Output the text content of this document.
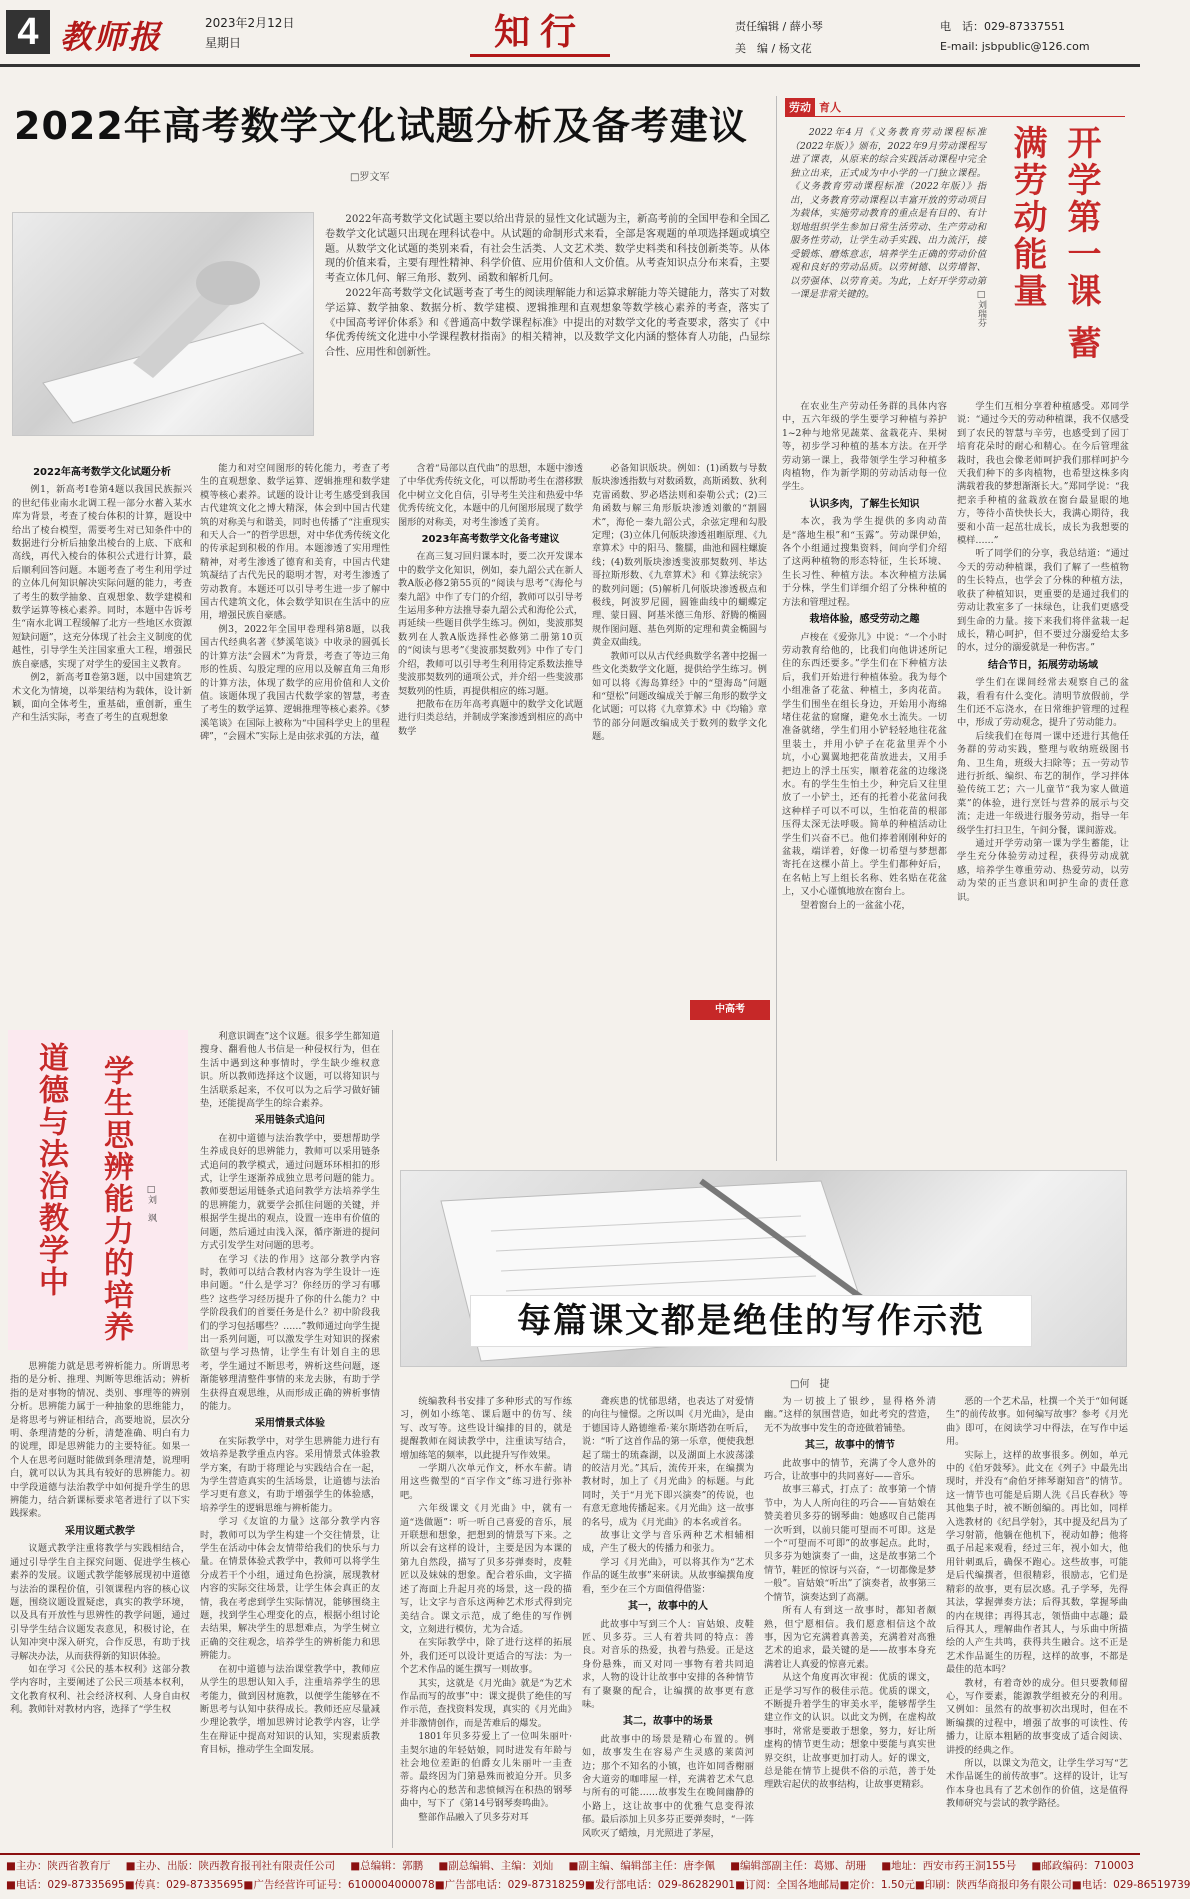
4 教师报	2023年2月12日
星期日	知行	责任编辑 / 薛小琴	电　话：029-87337551
美　编 / 杨文花	E-mail: jsbpublic@126.com
2022年高考数学文化试题分析及备考建议
□罗文军

2022年高考数学文化试题主要以给出背景的显性文化试题为主，新高考前的全国甲卷和全国乙卷数学文化试题只出现在理科试卷中。从试题的命制形式来看，全部是客观题的单项选择题或填空题。从数学文化试题的类别来看，有社会生活类、人文艺术类、数学史料类和科技创新类等。从体现的价值来看，主要有理性精神、科学价值、应用价值和人文价值。从考查知识点分布来看，主要考查立体几何、解三角形、数列、函数和解析几何。

2022年高考数学文化试题考查了考生的阅读理解能力和运算求解能力等关键能力，落实了对数学运算、数学抽象、数据分析、数学建模、逻辑推理和直观想象等数学核心素养的考查，落实了《中国高考评价体系》和《普通高中数学课程标准》中提出的对数学文化的考查要求，落实了《中华优秀传统文化进中小学课程教材指南》的相关精神，以及数学文化内涵的整体育人功能，凸显综合性、应用性和创新性。

2022年高考数学文化试题分析

例1，新高考Ⅰ卷第4题以我国民族振兴的世纪伟业南水北调工程一部分水蓄入某水库为背景，考查了棱台体积的计算，题设中给出了棱台模型，需要考生对已知条件中的数据进行分析后抽象出棱台的上底、下底和高线，再代入棱台的体积公式进行计算，最后顺利回答问题。本题考查了考生利用学过的立体几何知识解决实际问题的能力，考查了考生的数学抽象、直观想象、数学建模和数学运算等核心素养。同时，本题中告诉考生“南水北调工程缓解了北方一些地区水资源短缺问题”，这充分体现了社会主义制度的优越性，引导学生关注国家重大工程，增强民族自豪感，实现了对学生的爱国主义教育。

例2，新高考Ⅱ卷第3题，以中国建筑艺术文化为情境，以举架结构为载体，设计新颖，面向全体考生，重基础，重创新，重生产和生活实际，考查了考生的直观想象

能力和对空间图形的转化能力，考查了考生的直观想象、数学运算、逻辑推理和数学建模等核心素养。试题的设计让考生感受到我国古代建筑文化之博大精深，体会到中国古代建筑的对称美与和谐美，同时也传播了“注重现实和天人合一”的哲学思想，对中华优秀传统文化的传承起到积极的作用。本题渗透了实用理性精神，对考生渗透了德育和美育，中国古代建筑凝结了古代先民的聪明才智，对考生渗透了劳动教育。本题还可以引导考生进一步了解中国古代建筑文化，体会数学知识在生活中的应用，增强民族自豪感。

例3，2022年全国甲卷理科第8题，以我国古代经典名著《梦溪笔谈》中收录的圆弧长的计算方法“会圆术”为背景，考查了等边三角形的性质、勾股定理的应用以及解直角三角形的计算方法，体现了数学的应用价值和人文价值。该题体现了我国古代数学家的智慧，考查了考生的数学运算、逻辑推理等核心素养。《梦溪笔谈》在国际上被称为“中国科学史上的里程碑”，“会圆术”实际上是由弦求弧的方法，蕴

含着“局部以直代曲”的思想，本题中渗透了中华优秀传统文化，可以帮助考生在潜移默化中树立文化自信，引导考生关注和热爱中华优秀传统文化，本题中的几何图形展现了数学图形的对称美，对考生渗透了美育。

2023年高考数学文化备考建议

在高三复习回归课本时，要二次开发课本中的数学文化知识，例如，泰九韶公式在新人教A版必修2第55页的“阅读与思考”《海伦与秦九韶》中作了专门的介绍，教师可以引导考生运用多种方法推导泰九韶公式和海伦公式，再延续一些题目供学生练习。例如，斐波那契数列在人教A版选择性必修第二册第10页的“阅读与思考”《斐波那契数列》中作了专门介绍，教师可以引导考生利用待定系数法推导斐波那契数列的通项公式，并介绍一些斐波那契数列的性质，再提供相应的练习题。

把散布在历年高考真题中的数学文化试题进行归类总结，并制成学案渗透到相应的高中数学

必备知识版块。例如：(1)函数与导数版块渗透指数与对数函数，高斯函数、狄利克雷函数、罗必塔法则和泰勒公式；(2)三角函数与解三角形版块渗透刘徽的“割圆术”，海伦－秦九韶公式，余弦定理和勾股定理；(3)立体几何版块渗透祖暅原理、《九章算术》中的阳马、鳖臑，曲池和圆柱螺旋线；(4)数列版块渗透斐波那契数列、毕达哥拉斯形数、《九章算术》和《算法统宗》的数列问题；(5)解析几何版块渗透极点和极线，阿波罗尼圆，圆锥曲线中的蝴蝶定理、蒙日圆、阿基米德三角形、舒腾的椭圆规作图问题、基色列斯的定理和黄金椭圆与黄金双曲线。

教师可以从古代经典数学名著中挖掘一些文化类数学文化题，提供给学生练习。例如可以将《海岛算经》中的“望海岛”问题和“望松”问题改编成关于解三角形的数学文化试题；可以将《九章算术》中《均输》章节的部分问题改编成关于数列的数学文化题。

中高考
劳动 育人

2022年4月《义务教育劳动课程标准（2022年版）》颁布，2022年9月劳动课程写进了课表，从原来的综合实践活动课程中完全独立出来，正式成为中小学的一门独立课程。《义务教育劳动课程标准（2022年版）》指出，义务教育劳动课程以丰富开放的劳动项目为载体，实施劳动教育的重点是有目的、有计划地组织学生参加日常生活劳动、生产劳动和服务性劳动，让学生动手实践、出力流汗，接受锻炼、磨炼意志，培养学生正确的劳动价值观和良好的劳动品质。以劳树德、以劳增智、以劳强体、以劳育美。为此，上好开学劳动第一课是非常关键的。	开学第一课 蓄满劳动能量
□刘瑞芬

在农业生产劳动任务群的具体内容中，五六年级的学生要学习种植与养护1~2种与地常见蔬菜、盆栽花卉、果树等，初步学习种植的基本方法。在开学劳动第一课上，我带领学生学习种植多肉植物，作为新学期的劳动活动每一位学生。

认识多肉，了解生长知识

本次，我为学生提供的多肉动苗是“落地生根”和“玉露”。劳动课伊始，各个小组通过搜集资料，间向学们介绍了这两种植物的形态特征，生长环境、生长习性、种植方法。本次种植方法属于分株，学生们详细介绍了分株种植的方法和管理过程。

栽培体验，感受劳动之趣

卢梭在《爱弥儿》中说：“一个小时劳动教育给他的，比我们向他讲述所记住的东西还要多。”学生们在下种植方法后，我们开始进行种植体验。我为每个小组准备了花盆、种植土，多肉花苗。学生们围坐在组长身边，开始用小海绵堵住花盆的窟窿，避免水土流失。一切准备就绪，学生们用小铲轻轻地往花盆里装土，并用小铲子在花盆里弄个小坑，小心翼翼地把花苗放进去，又用手把边上的浮土压实，顺着花盆的边缘浇水。有的学生生怕土少，种完后又往里放了一小铲土，还有的托着小花盆问我这种样子可以不可以，生怕花苗的根部压得太深无法呼吸。简单的种植活动让学生们兴奋不已。他们捧着刚刚种好的盆栽，端详着，好像一切希望与梦想都寄托在这棵小苗上。学生们都种好后，在名帖上写上组长名称、姓名贴在花盆上，又小心谨慎地放在窗台上。

望着窗台上的一盆盆小花，

学生们互相分享着种植感受。邓同学说：“通过今天的劳动种植课，我不仅感受到了农民的智慧与辛劳，也感受到了园丁培育花朵时的耐心和精心。在今后管理盆栽时，我也会像老师呵护我们那样呵护今天我们种下的多肉植物，也希望这株多肉满载着我的梦想渐渐长大。”郑同学说：“我把亲手种植的盆栽放在窗台最显眼的地方，等待小苗快快长大，我满心期待，我要和小苗一起茁壮成长，成长为我想要的模样……”

听了同学们的分享，我总结道：“通过今天的劳动种植课，我们了解了一些植物的生长特点，也学会了分株的种植方法，收获了种植知识，更重要的是通过我们的劳动让教室多了一抹绿色，让我们更感受到生命的力量。接下来我们将伴盆栽一起成长，精心呵护，但不要过分溺爱给太多的水，过分的溺爱就是一种伤害。”

结合节日，拓展劳动场域

学生们在课间经常去观察自己的盆栽，看看有什么变化。清明节放假前，学生们还不忘浇水，在日常维护管理的过程中，形成了劳动观念，提升了劳动能力。

后续我们在每周一课中还进行其他任务群的劳动实践，整理与收纳班级图书角、卫生角，班级大扫除等；五一劳动节进行折纸、编织、布艺的制作，学习拌体验传统工艺；六一儿童节“我为家人做道菜”的体验，进行烹饪与营养的展示与交流；走进一年级进行服务劳动，指导一年级学生打扫卫生，午间分餐，课间游戏。

通过开学劳动第一课为学生蓄能，让学生充分体验劳动过程，获得劳动成就感，培养学生尊重劳动、热爱劳动，以劳动为荣的正当意识和呵护生命的责任意识。

道德与法治教学中 学生思辨能力的培养	□刘　飒

思辨能力就是思考辨析能力。所谓思考指的是分析、推理、判断等思维活动；辨析指的是对事物的情况、类别、事理等的辨别分析。思辨能力属于一种抽象的思维能力，是将思考与辨证相结合，高要地说，层次分明、条理清楚的分析，清楚准确、明白有力的说理，即是思辨能力的主要特征。如果一个人在思考问题时能做到条理清楚，说理明白，就可以认为其具有较好的思辨能力。初中学段道德与法治教学中如何提升学生的思辨能力，结合新课标要求笔者进行了以下实践探索。

采用议题式教学

议题式教学注重将教学与实践相结合，通过引导学生自主探究问题、促进学生核心素养的发展。议题式教学能够展现初中道德与法治的课程价值，引领课程内容的核心议题，围绕议题设置疑虑，真实的教学环境，以及具有开放性与思辨性的教学问题，通过引导学生结合议题发表意见，积极讨论，在认知冲突中深入研究，合作反思，有助于找寻解决办法，从而获得新的知识体验。

如在学习《公民的基本权利》这部分教学内容时，主要阐述了公民三项基本权利，文化教育权利、社会经济权利、人身自由权利。教师针对教材内容，选择了“学生权

利意识调查”这个议题。很多学生都知道搜身、翻看他人书信是一种侵权行为，但在生活中遇到这种事情时，学生缺少维权意识。所以教师选择这个议题，可以将知识与生活联系起来，不仅可以为之后学习做好铺垫，还能提高学生的综合素养。

采用链条式追问

在初中道德与法治教学中，要想帮助学生养成良好的思辨能力，教师可以采用链条式追问的教学模式，通过问题环环相扣的形式，让学生逐渐养成独立思考问题的能力。教师要想运用链条式追问教学方法培养学生的思辨能力，就要学会抓住问题的关键，并根据学生提出的观点，设置一连串有价值的问题，然后通过由浅入深，循序渐进的提问方式引发学生对问题的思考。

在学习《法的作用》这部分教学内容时，教师可以结合教材内容为学生设计一连串问题。“什么是学习？你经历的学习有哪些？这些学习经历提升了你的什么能力？中学阶段我们的首要任务是什么？初中阶段我们的学习包括哪些？……”教师通过向学生提出一系列问题，可以激发学生对知识的探索欲望与学习热情，让学生有计划自主的思考，学生通过不断思考，辨析这些问题，逐渐能够理清整件事情的来龙去脉，有助于学生获得直观思维，从而形成正确的辨析事情的能力。

采用情景式体验

在实际教学中，对学生思辨能力进行有效培养是教学重点内容。采用情景式体验教学方案，有助于将理论与实践结合在一起，为学生营造真实的生活场景，让道德与法治学习更有意义，有助于增强学生的体验感，培养学生的逻辑思维与辨析能力。

学习《友谊的力量》这部分教学内容时，教师可以为学生构建一个交往情景，让学生在活动中体会友情带给我们的快乐与力量。在情景体验式教学中，教师可以将学生分成若干个小组，通过角色扮演，展现教材内容的实际交往场景，让学生体会真正的友情，我在考虑到学生实际情况，能够围绕主题，找到学生心理变化的点，根据小组讨论去结果，解决学生的思想难点，为学生树立正确的交往观念，培养学生的辨析能力和思辨能力。

在初中道德与法治课堂教学中，教师应从学生的思想认知入手，注重培养学生的思考能力，做到因材施教，以便学生能够在不断思考与认知中获得成长。教师还应尽量减少理论教学，增加思辨讨论教学内容，让学生在辩证中提高对知识的认知，实现素质教育目标，推动学生全面发展。

每篇课文都是绝佳的写作示范
□何　捷

统编教科书安排了多种形式的写作练习，例如小练笔、课后题中的仿写、续写、改写等。这些设计编排的目的，就是提醒教师在阅读教学中，注重读写结合，增加练笔的频率，以此提升写作效果。

一学期八次单元作文，杯水车薪。请用这些微型的“百字作文”练习进行弥补吧。

六年级课文《月光曲》中，就有一道“选做题”：听一听自己喜爱的音乐，展开联想和想象，把想到的情景写下来。之所以会有这样的设计，主要是因为本课的第九自然段，描写了贝多芬弹奏时，皮鞋匠以及妹妹的想象。配合着乐曲，文字描述了海面上升起月亮的场景，这一段的描写，让文字与音乐这两种艺术形式得到完美结合。课文示范，成了绝佳的写作例文，立刻进行模仿，尤为合适。

在实际教学中，除了进行这样的拓展外，我们还可以设计更适合的写法：为一个艺术作品的诞生撰写一则故事。

其实，这就是《月光曲》就是“为艺术作品而写的故事”中：课文提供了绝佳的写作示范，查找资料发现，真实的《月光曲》并非激情创作，而是苦难后的爆发。

1801年贝多芬爱上了一位叫朱丽叶·圭契尔迪的年轻姑娘，同时进发有年龄与社会地位差距的伯爵女儿朱丽叶一圭查蒂。最终因为门第悬殊而被迫分开。贝多芬将内心的愁苦和悲愤倾泻在积热的钢琴曲中，写下了《第14号钢琴奏鸣曲》。

整部作品融入了贝多芬对耳

聋疾患的忧郁思绪，也表达了对爱情的向往与憧憬。之所以叫《月光曲》，是由于德国诗人路德维希·莱尔斯塔勃在听后，说：“听了这首作品的第一乐章，便使我想起了瑞士的琉森湖，以及湖面上水波荡漾的皎洁月光。”其后，流传开来，在编撰为教材时，加上了《月光曲》的标题。与此同时，关于“月光下即兴演奏”的传说，也有意无意地传播起来。《月光曲》这一故事的名号，成为《月光曲》的本名或首名。

故事让文学与音乐两种艺术相辅相成，产生了极大的传播力和张力。

学习《月光曲》，可以将其作为“艺术作品的诞生故事”来研读。从故事编撰角度看，至少在三个方面值得借鉴：

其一，故事中的人

此故事中写到三个人：盲姑娘、皮鞋匠、贝多芬。三人有着共同的特点：善良。对音乐的热爱，执着与热爱。正是这身份悬殊，而又对同一事物有着共同追求，人物的设计让故事中安排的各种情节有了聚聚的配合，让编撰的故事更有意味。

其二，故事中的场景

此故事中的场景是精心布置的。例如，故事发生在容易产生灵感的莱茵河边；那个不知名的小镇，也许如同香榭丽舍大道旁的咖啡屋一样，充满着艺术气息与所有的可能……故事发生在晚间幽静的小路上，这让故事中的优雅气息变得浓郁。最后添加上贝多芬正要弹奏时，“一阵风吹灭了蜡烛，月光照进了茅屋，

为一切披上了银纱，显得格外清幽。”这样的氛围营造，如此考究的营造，无不为故事中发生的奇迹做着铺垫。

其三，故事中的情节

此故事中的情节，充满了令人意外的巧合，让故事中的共同喜好——音乐。

故事三幕式，打点了：故事第一个情节中，为人人所向往的巧合——盲姑娘在赞美着贝多芬的钢琴曲：她感叹自己能再一次听到，以前只能可望而不可即。这是一个“可望而不可即”的故事起点。此时，贝多芬为她演奏了一曲，这是故事第二个情节，鞋匠的惊讶与兴奋，“一切都像是梦一般”。盲姑娘“听出”了演奏者，故事第三个情节，演奏达到了高潮。

所有人有到这一故事时，都知者颇熟，但宁愿相信。我们愿意相信这个故事，因为它充满着真善美，充满着对高雅艺术的追求，最关键的是——故事本身充满着让人真爱的惊喜元素。

从这个角度再次审视：优质的课文，正是学习写作的极佳示范。优质的课文，不断提升着学生的审美水平，能够帮学生建立作文的认识。以此文为例，在虚构故事时，常常是要敢于想象，努力，好让所虚构的情节更生动；想象中要能与真实世界交织，让故事更加打动人。好的课文，总是能在情节上提供不俗的示范，善于处理跌宕起伏的故事结构，让故事更精彩。

恶的一个艺术品，杜撰一个关于“如何诞生”的前传故事。如何编写故事？参考《月光曲》即可，在阅读学习中得法，在写作中运用。

实际上，这样的故事很多。例如，单元中的《伯牙鼓琴》。此文在《列子》中最先出现时，并没有“俞伯牙摔琴谢知音”的情节。这一情节也可能是后期人洗《吕氏春秋》等其他集子时，被不断创编的。再比如，同样入选教材的《纪昌学射》，其中提及纪昌为了学习射箭，他躺在他机下，视动如静；他将虱子吊起来观看，经过三年，视小如大，他用针刺虱后，确保不跑心。这些故事，可能是后代编撰者，但很精彩，很励志，它们是精彩的故事，更有层次感。孔子学琴，先得其法，掌握弹奏方法；后得其数，掌握琴曲的内在规律；再得其志，领悟曲中志趣；最后得其人，理解曲作者其人，与乐曲中所描绘的人产生共鸣，获得共生融合。这不正是艺术作品诞生的历程，这样的故事，不都是最佳的范本吗？

教材，有着奇妙的成分。但只要教师留心，写作要素，能源教学组被充分的利用。又例如：虽然有的故事初次出现时，但在不断编撰的过程中，增强了故事的可读性、传播力，让原本粗陋的故事变成了适合阅读、讲授的经典之作。

所以，以课文为范文，让学生学习写“艺术作品诞生的前传故事”。这样的设计，让写作本身也具有了艺术创作的价值，这是值得教师研究与尝试的教学路径。

■主办：陕西省教育厅 ■主办、出版：陕西教育报刊社有限责任公司 ■总编辑：郭鹏 ■副总编辑、主编：刘灿 ■副主编、编辑部主任：唐李佩 ■编辑部副主任：葛娜、胡珊 ■地址：西安市药王洞155号 ■邮政编码：710003
■电话：029-87335695 ■传真：029-87335695 ■广告经营许可证号：6100004000078 ■广告部电话：029-87318259 ■发行部电话：029-86282901 ■订阅：全国各地邮局 ■定价：1.50元 ■印刷：陕西华商报印务有限公司 ■电话：029-86519739
